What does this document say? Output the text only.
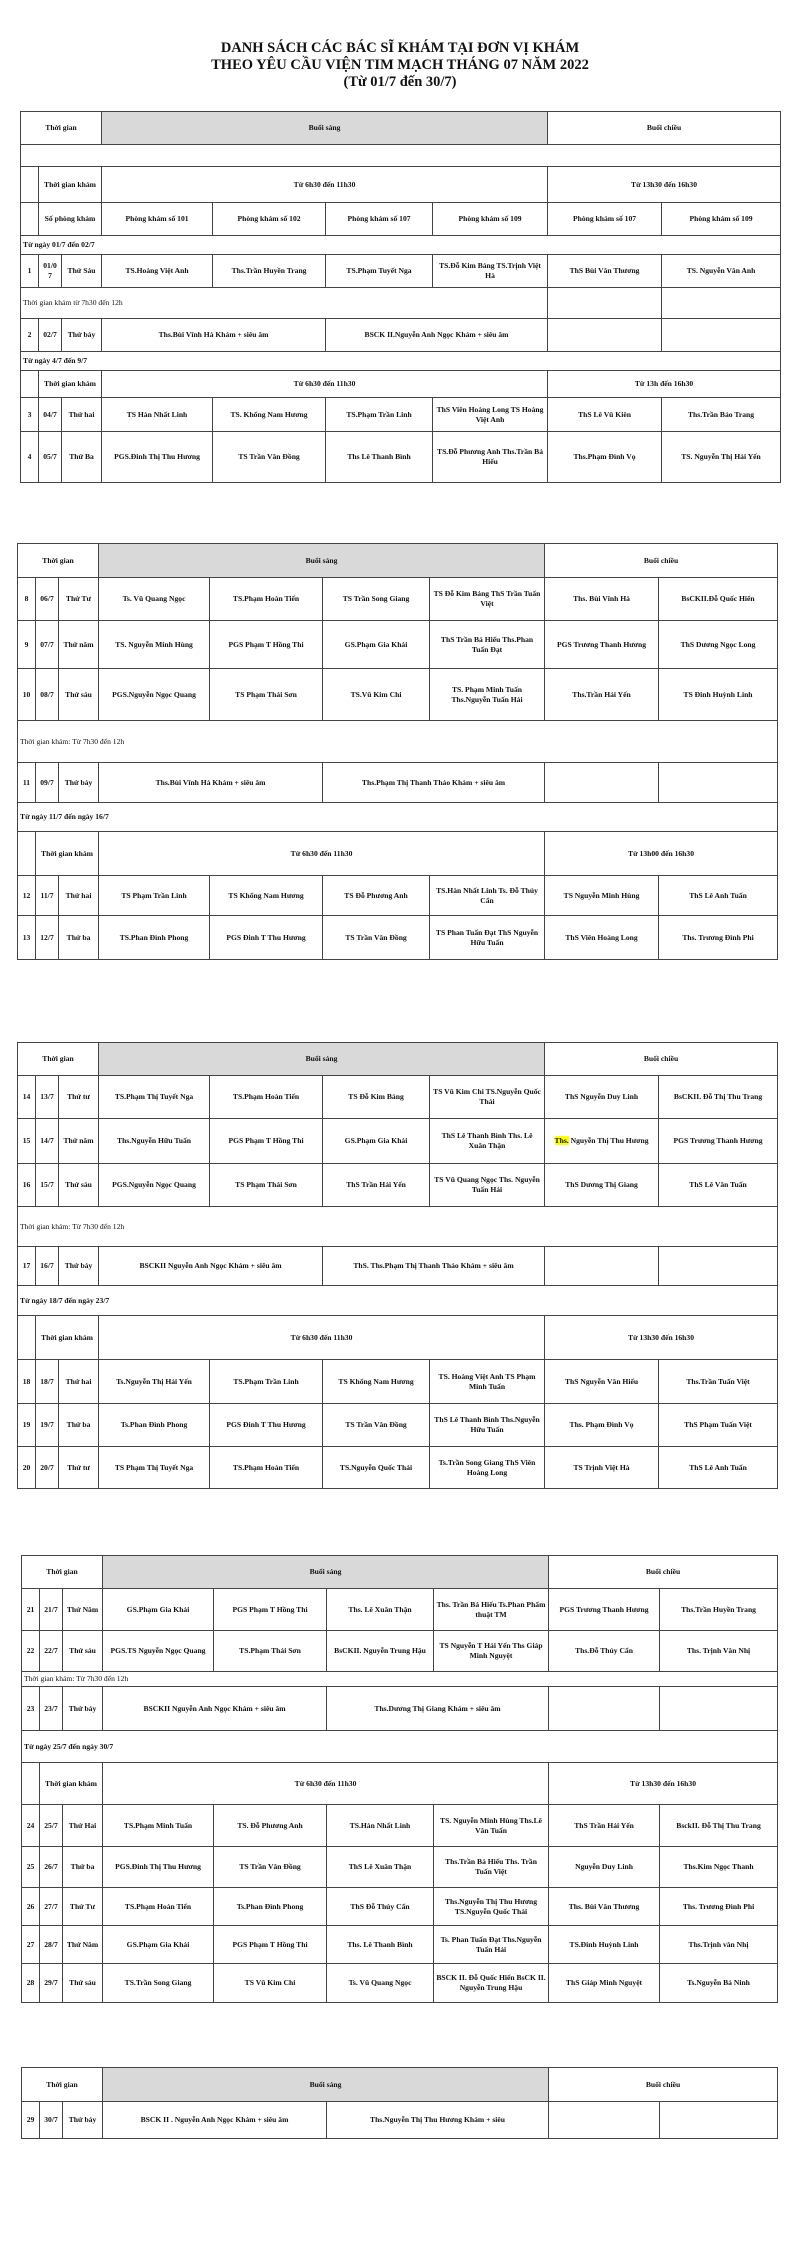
DANH SÁCH CÁC BÁC SĨ KHÁM TẠI ĐƠN VỊ KHÁM
THEO YÊU CẦU VIỆN TIM MẠCH THÁNG 07 NĂM 2022
(Từ 01/7 đến 30/7)
Thời gian			Buổi sáng				Buổi chiều	

	Thời gian khám		Từ 6h30 đến 11h30				Từ 13h30 đến 16h30	
	Số phòng khám		Phòng khám số 101	Phòng khám số 102	Phòng khám số 107	Phòng khám số 109	Phòng khám số 107	Phòng khám số 109
Từ ngày 01/7 đến 02/7								
1	01/0 7	Thứ Sáu	TS.Hoàng Việt Anh	Ths.Trần Huyền Trang	TS.Phạm Tuyết Nga	TS.Đỗ Kim Bảng TS.Trịnh Việt Hà	ThS Bùi Văn Thương	TS. Nguyễn Văn Anh
Thời gian khám từ 7h30 đến 12h								
2	02/7	Thứ bảy	Ths.Bùi Vĩnh Hà Khám + siêu âm		BSCK II.Nguyễn Anh Ngọc Khám + siêu âm			
Từ ngày 4/7 đến 9/7								
	Thời gian khám		Từ 6h30 đến 11h30				Từ 13h đến 16h30	
3	04/7	Thứ hai	TS Hàn Nhất Linh	TS. Khổng Nam Hương	TS.Phạm Trần Linh	ThS Viên Hoàng Long TS Hoàng Việt Anh	ThS Lê Vũ Kiên	Ths.Trần Bảo Trang
4	05/7	Thứ Ba	PGS.Đinh Thị Thu Hương	TS Trần Văn Đồng	Ths Lê Thanh Bình	TS.Đỗ Phương Anh Ths.Trần Bá Hiếu	Ths.Phạm Đình Vọ	TS. Nguyễn Thị Hải Yến
Thời gian			Buổi sáng				Buổi chiều	
8	06/7	Thứ Tư	Ts. Vũ Quang Ngọc	TS.Phạm Hoàn Tiến	TS Trần Song Giang	TS Đỗ Kim Bảng ThS Trần Tuấn Việt	Ths. Bùi Vĩnh Hà	BsCKII.Đỗ Quốc Hiển
9	07/7	Thứ năm	TS. Nguyễn Minh Hùng	PGS Phạm T Hồng Thi	GS.Phạm Gia Khải	ThS Trần Bá Hiếu Ths.Phan Tuấn Đạt	PGS Trương Thanh Hương	ThS Dương Ngọc Long
10	08/7	Thứ sáu	PGS.Nguyễn Ngọc Quang	TS Phạm Thái Sơn	TS.Vũ Kim Chi	TS. Phạm Minh Tuấn Ths.Nguyễn Tuấn Hải	Ths.Trần Hải Yến	TS Đinh Huỳnh Linh
Thời gian khám: Từ 7h30 đến 12h								
11	09/7	Thứ bảy	Ths.Bùi Vĩnh Hà Khám + siêu âm		Ths.Phạm Thị Thanh Thảo Khám + siêu âm			
Từ ngày 11/7 đến ngày 16/7								
	Thời gian khám		Từ 6h30 đến 11h30				Từ 13h00 đến 16h30	
12	11/7	Thứ hai	TS Phạm Trần Linh	TS Khổng Nam Hương	TS Đỗ Phương Anh	TS.Hàn Nhất Linh Ts. Đỗ Thúy Cẩn	TS Nguyễn Minh Hùng	ThS Lê Anh Tuấn
13	12/7	Thứ ba	TS.Phan Đình Phong	PGS Đinh T Thu Hương	TS Trần Văn Đồng	TS Phan Tuấn Đạt ThS Nguyễn Hữu Tuấn	ThS Viên Hoàng Long	Ths. Trương Đình Phi
Thời gian			Buổi sáng				Buổi chiều	
14	13/7	Thứ tư	TS.Phạm Thị Tuyết Nga	TS.Phạm Hoàn Tiến	TS Đỗ Kim Bảng	TS Vũ Kim Chi TS.Nguyễn Quốc Thái	ThS Nguyễn Duy Linh	BsCKII. Đỗ Thị Thu Trang
15	14/7	Thứ năm	Ths.Nguyễn Hữu Tuấn	PGS Phạm T Hồng Thi	GS.Phạm Gia Khải	ThS Lê Thanh Bình Ths. Lê Xuân Thận	Ths. Nguyễn Thị Thu Hương	PGS Trương Thanh Hương
16	15/7	Thứ sáu	PGS.Nguyễn Ngọc Quang	TS Phạm Thái Sơn	ThS Trần Hải Yến	TS Vũ Quang Ngọc Ths. Nguyễn Tuấn Hải	ThS Dương Thị Giang	ThS Lê Văn Tuấn
Thời gian khám: Từ 7h30 đến 12h								
17	16/7	Thứ bảy	BSCKII Nguyễn Anh Ngọc Khám + siêu âm		ThS. Ths.Phạm Thị Thanh Thảo Khám + siêu âm			
Từ ngày 18/7 đến ngày 23/7								
	Thời gian khám		Từ 6h30 đến 11h30				Từ 13h30 đến 16h30	
18	18/7	Thứ hai	Ts.Nguyễn Thị Hải Yến	TS.Phạm Trần Linh	TS Khổng Nam Hương	TS. Hoàng Việt Anh TS Phạm Minh Tuấn	ThS Nguyễn Văn Hiếu	Ths.Trần Tuấn Việt
19	19/7	Thứ ba	Ts.Phan Đình Phong	PGS Đinh T Thu Hương	TS Trần Văn Đồng	ThS Lê Thanh Bình Ths.Nguyễn Hữu Tuấn	Ths. Phạm Đình Vọ	ThS Phạm Tuấn Việt
20	20/7	Thứ tư	TS Phạm Thị Tuyết Nga	TS.Phạm Hoàn Tiến	TS.Nguyễn Quốc Thái	Ts.Trần Song Giang ThS Viên Hoàng Long	TS Trịnh Việt Hà	ThS Lê Anh Tuấn
Thời gian			Buổi sáng				Buổi chiều	
21	21/7	Thứ Năm	GS.Phạm Gia Khải	PGS Phạm T Hồng Thi	Ths. Lê Xuân Thận	Ths. Trần Bá Hiếu Ts.Phan Phẩm thuật TM	PGS Trương Thanh Hương	Ths.Trần Huyền Trang
22	22/7	Thứ sáu	PGS.TS Nguyễn Ngọc Quang	TS.Phạm Thái Sơn	BsCKII. Nguyễn Trung Hậu	TS Nguyễn T Hải Yến Ths Giáp Minh Nguyệt	Ths.Đỗ Thúy Cẩn	Ths. Trịnh Văn Nhị
Thời gian khám: Từ 7h30 đến 12h								
23	23/7	Thứ bảy	BSCKII Nguyễn Anh Ngọc Khám + siêu âm		Ths.Dương Thị Giang Khám + siêu âm			
Từ ngày 25/7 đến ngày 30/7								
	Thời gian khám		Từ 6h30 đến 11h30				Từ 13h30 đến 16h30	
24	25/7	Thứ Hai	TS.Phạm Minh Tuấn	TS. Đỗ Phương Anh	TS.Hàn Nhất Linh	TS. Nguyễn Minh Hùng Ths.Lê Văn Tuấn	ThS Trần Hải Yến	BsckII. Đỗ Thị Thu Trang
25	26/7	Thứ ba	PGS.Đinh Thị Thu Hương	TS Trần Văn Đồng	ThS Lê Xuân Thận	Ths.Trần Bá Hiếu Ths. Trần Tuấn Việt	Nguyễn Duy Linh	Ths.Kim Ngọc Thanh
26	27/7	Thứ Tư	TS.Phạm Hoàn Tiến	Ts.Phan Đình Phong	ThS Đỗ Thúy Cẩn	Ths.Nguyễn Thị Thu Hương TS.Nguyễn Quốc Thái	Ths. Bùi Văn Thương	Ths. Trương Đình Phi
27	28/7	Thứ Năm	GS.Phạm Gia Khải	PGS Phạm T Hồng Thi	Ths. Lê Thanh Bình	Ts. Phan Tuấn Đạt Ths.Nguyễn Tuấn Hải	TS.Đinh Huỳnh Linh	Ths.Trịnh văn Nhị
28	29/7	Thứ sáu	TS.Trần Song Giang	TS Vũ Kim Chi	Ts. Vũ Quang Ngọc	BSCK II. Đỗ Quốc Hiển BsCK II. Nguyễn Trung Hậu	ThS Giáp Minh Nguyệt	Ts.Nguyễn Bá Ninh
Thời gian			Buổi sáng		Buổi chiều	
29	30/7	Thứ bảy	BSCK II . Nguyễn Anh Ngọc Khám + siêu âm	Ths.Nguyễn Thị Thu Hương Khám + siêu		
